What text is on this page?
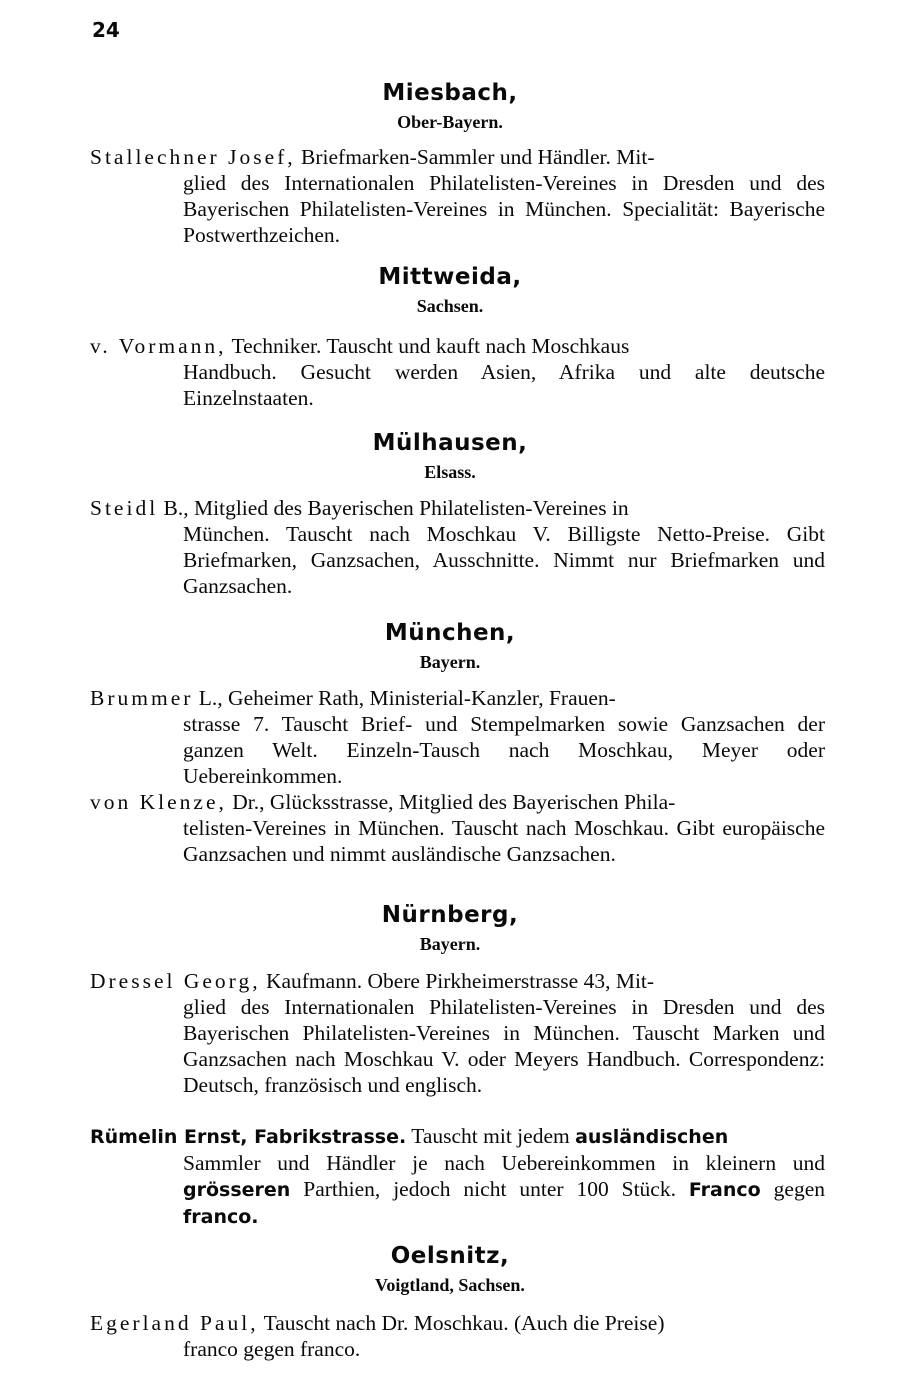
24
Miesbach,
Ober-Bayern.
Stallechner Josef, Briefmarken-Sammler und Händler. Mit-
glied des Internationalen Philatelisten-Vereines in Dresden und des Bayerischen Philatelisten-Vereines in München. Specialität: Bayerische Postwerthzeichen.
Mittweida,
Sachsen.
v. Vormann, Techniker. Tauscht und kauft nach Moschkaus
Handbuch. Gesucht werden Asien, Afrika und alte deutsche Einzelnstaaten.
Mülhausen,
Elsass.
Steidl B., Mitglied des Bayerischen Philatelisten-Vereines in
München. Tauscht nach Moschkau V. Billigste Netto-Preise. Gibt Briefmarken, Ganzsachen, Ausschnitte. Nimmt nur Briefmarken und Ganzsachen.
München,
Bayern.
Brummer L., Geheimer Rath, Ministerial-Kanzler, Frauen-
strasse 7. Tauscht Brief- und Stempelmarken sowie Ganzsachen der ganzen Welt. Einzeln-Tausch nach Moschkau, Meyer oder Uebereinkommen.
von Klenze, Dr., Glücksstrasse, Mitglied des Bayerischen Phila-
telisten-Vereines in München. Tauscht nach Moschkau. Gibt europäische Ganzsachen und nimmt ausländische Ganzsachen.
Nürnberg,
Bayern.
Dressel Georg, Kaufmann. Obere Pirkheimerstrasse 43, Mit-
glied des Internationalen Philatelisten-Vereines in Dresden und des Bayerischen Philatelisten-Vereines in München. Tauscht Marken und Ganzsachen nach Moschkau V. oder Meyers Handbuch. Correspondenz: Deutsch, französisch und englisch.
Rümelin Ernst, Fabrikstrasse. Tauscht mit jedem ausländischen
Sammler und Händler je nach Uebereinkommen in kleinern und grösseren Parthien, jedoch nicht unter 100 Stück. Franco gegen franco.
Oelsnitz,
Voigtland, Sachsen.
Egerland Paul, Tauscht nach Dr. Moschkau. (Auch die Preise)
franco gegen franco.
